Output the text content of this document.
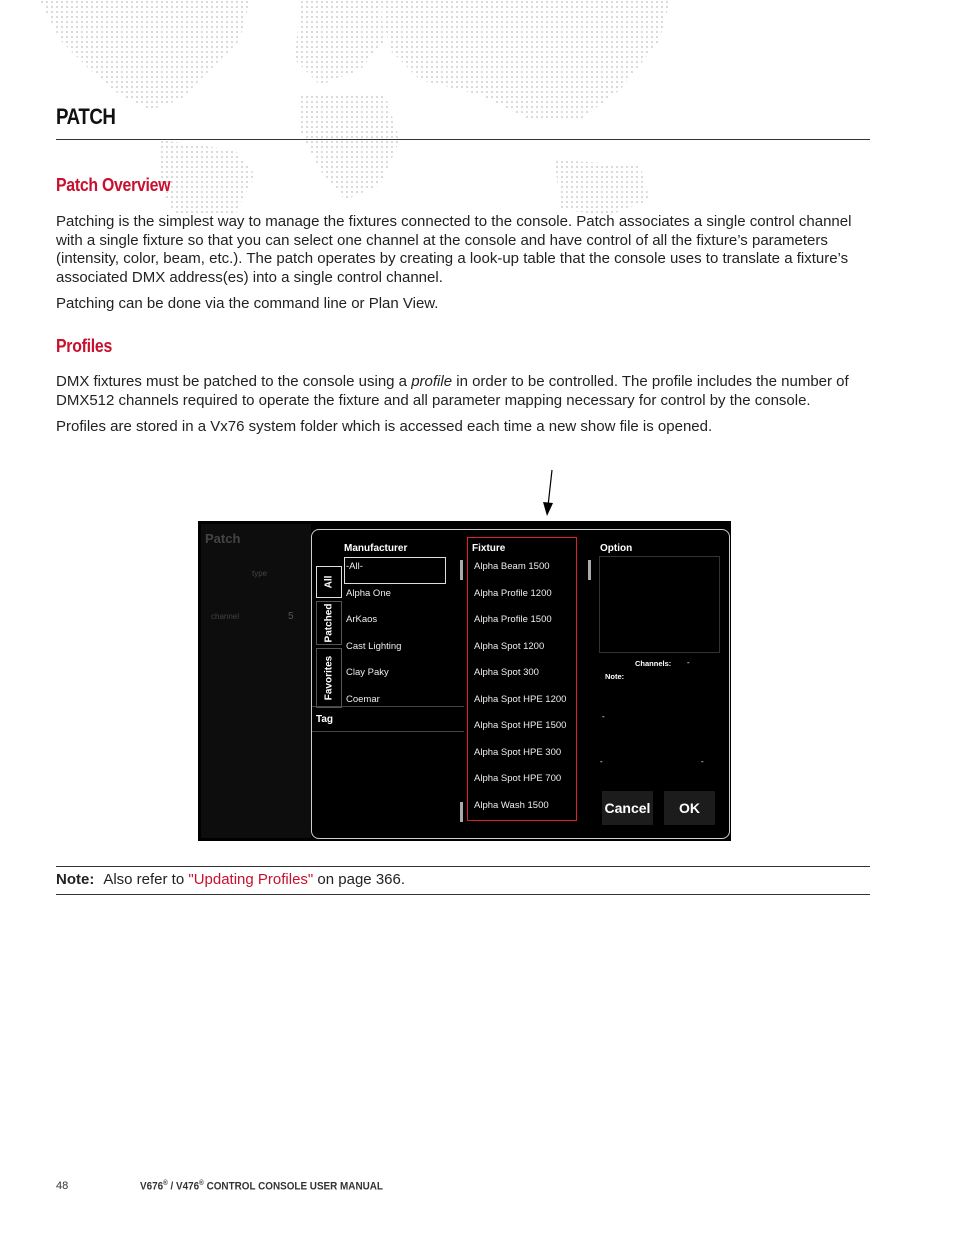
PATCH
Patch Overview
Patching is the simplest way to manage the fixtures connected to the console. Patch associates a single control channel with a single fixture so that you can select one channel at the console and have control of all the fixture’s parameters (intensity, color, beam, etc.). The patch operates by creating a look-up table that the console uses to translate a fixture’s associated DMX address(es) into a single control channel.
Patching can be done via the command line or Plan View.
Profiles
DMX fixtures must be patched to the console using a profile in order to be controlled. The profile includes the number of DMX512 channels required to operate the fixture and all parameter mapping necessary for control by the console.
Profiles are stored in a Vx76 system folder which is accessed each time a new show file is opened.
Patch
type
channel	5
Manufacturer	Fixture	Option
All
Patched
Favorites
-All-
Alpha One
ArKaos
Cast Lighting
Clay Paky
Coemar
Tag
Alpha Beam 1500
Alpha Profile 1200
Alpha Profile 1500
Alpha Spot 1200
Alpha Spot 300
Alpha Spot HPE 1200
Alpha Spot HPE 1500
Alpha Spot HPE 300
Alpha Spot HPE 700
Alpha Wash 1500
Channels: -
Note:
-
-	-
Cancel	OK
Note: Also refer to "Updating Profiles" on page 366.
48	V676® / V476® CONTROL CONSOLE USER MANUAL
